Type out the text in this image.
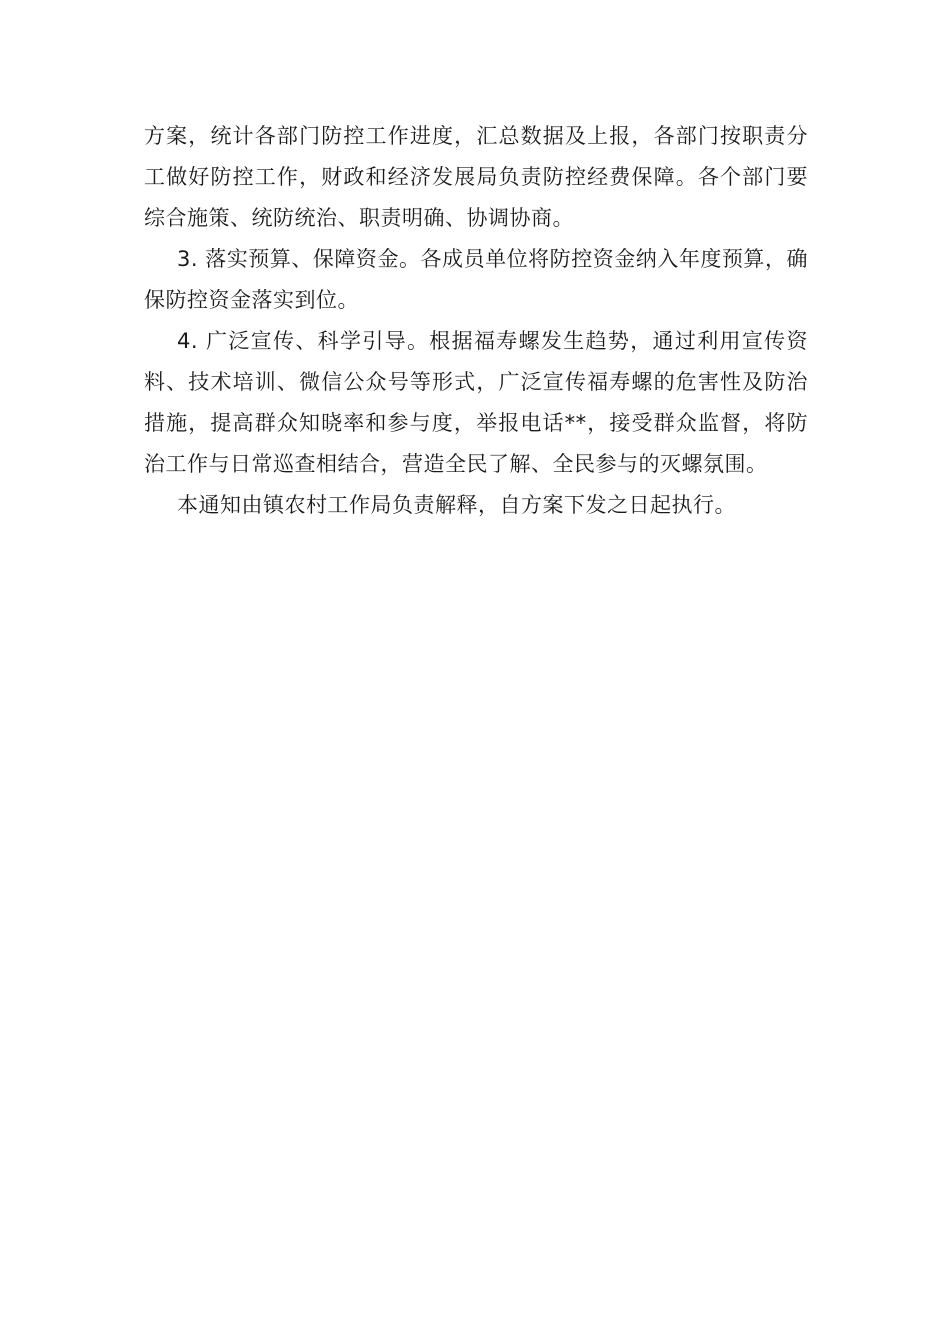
方案，统计各部门防控工作进度，汇总数据及上报，各部门按职责分工做好防控工作，财政和经济发展局负责防控经费保障。各个部门要综合施策、统防统治、职责明确、协调协商。

3. 落实预算、保障资金。各成员单位将防控资金纳入年度预算，确保防控资金落实到位。

4. 广泛宣传、科学引导。根据福寿螺发生趋势，通过利用宣传资料、技术培训、微信公众号等形式，广泛宣传福寿螺的危害性及防治措施，提高群众知晓率和参与度，举报电话**，接受群众监督，将防治工作与日常巡查相结合，营造全民了解、全民参与的灭螺氛围。

本通知由镇农村工作局负责解释，自方案下发之日起执行。
